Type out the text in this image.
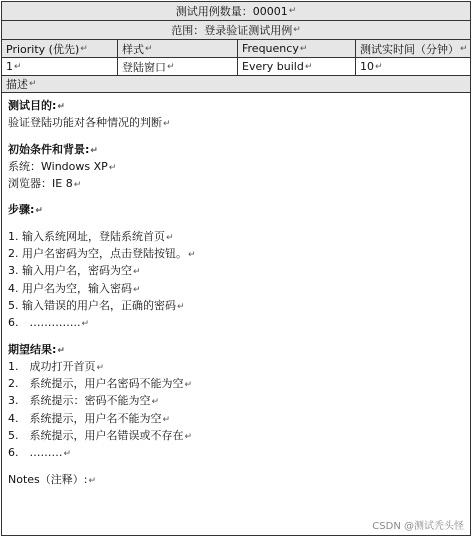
测试用例数量：00001 ↵
范围：登录验证测试用例 ↵
Priority (优先) ↵	样式 ↵	Frequency ↵	测试实时间（分钟） ↵
1 ↵	登陆窗口 ↵	Every build ↵	10 ↵
描述 ↵
测试目的:↵
验证登陆功能对各种情况的判断↵
初始条件和背景:↵
系统：Windows XP↵
浏览器：IE 8↵
步骤:↵
1. 输入系统网址，登陆系统首页↵
2. 用户名密码为空，点击登陆按钮。↵
3. 输入用户名，密码为空↵
4. 用户名为空，输入密码↵
5. 输入错误的用户名，正确的密码↵
6.　…………..↵
期望结果:↵
1.　成功打开首页↵
2.　系统提示，用户名密码不能为空↵
3.　系统提示：密码不能为空↵
4.　系统提示，用户名不能为空↵
5.　系统提示，用户名错误或不存在↵
6.　………↵
Notes（注释）:↵
CSDN @测试秃头怪
